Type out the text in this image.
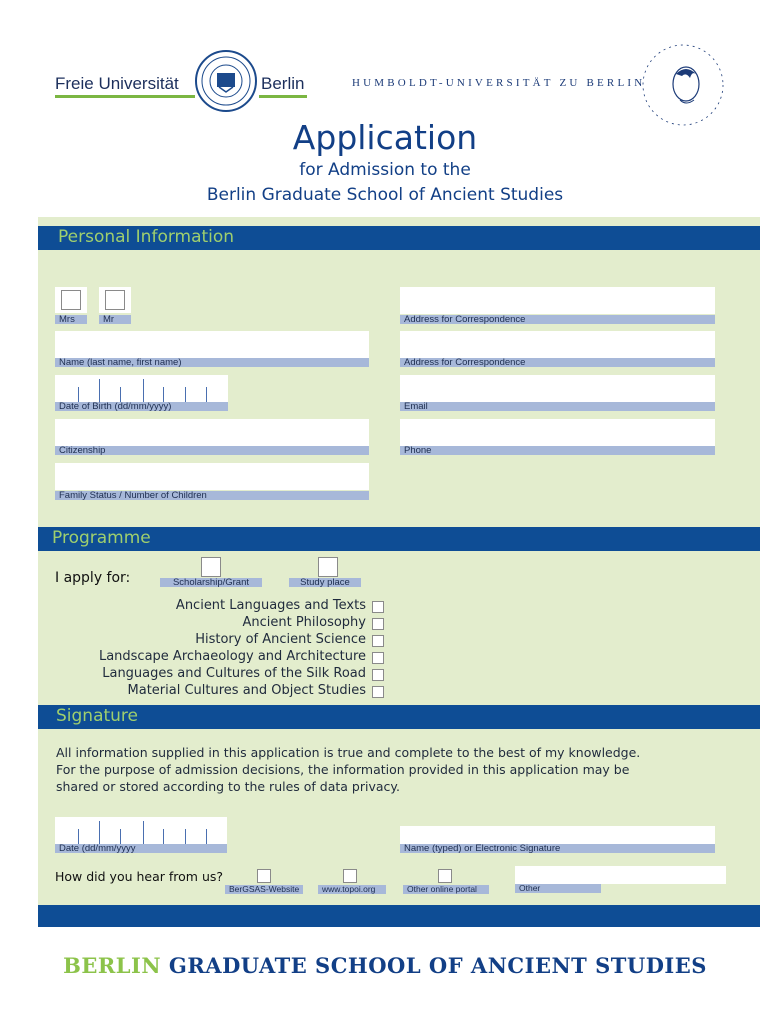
Freie Universität	Berlin	HUMBOLDT-UNIVERSITÄT ZU BERLIN
Application
for Admission to the
Berlin Graduate School of Ancient Studies
Personal Information
Mrs	Mr
Name (last name, first name)
Date of Birth (dd/mm/yyyy)
Citizenship
Family Status / Number of Children
Address for Correspondence
Address for Correspondence
Email
Phone
Programme
I apply for:	Scholarship/Grant	Study place
Ancient Languages and Texts
Ancient Philosophy
History of Ancient Science
Landscape Archaeology and Architecture
Languages and Cultures of the Silk Road
Material Cultures and Object Studies
Signature
All information supplied in this application is true and complete to the best of my knowledge.
For the purpose of admission decisions, the information provided in this application may be
shared or stored according to the rules of data privacy.
Date (dd/mm/yyyy	Name (typed) or Electronic Signature
How did you hear from us?
BerGSAS-Website	www.topoi.org	Other online portal	Other
BERLIN GRADUATE SCHOOL OF ANCIENT STUDIES
